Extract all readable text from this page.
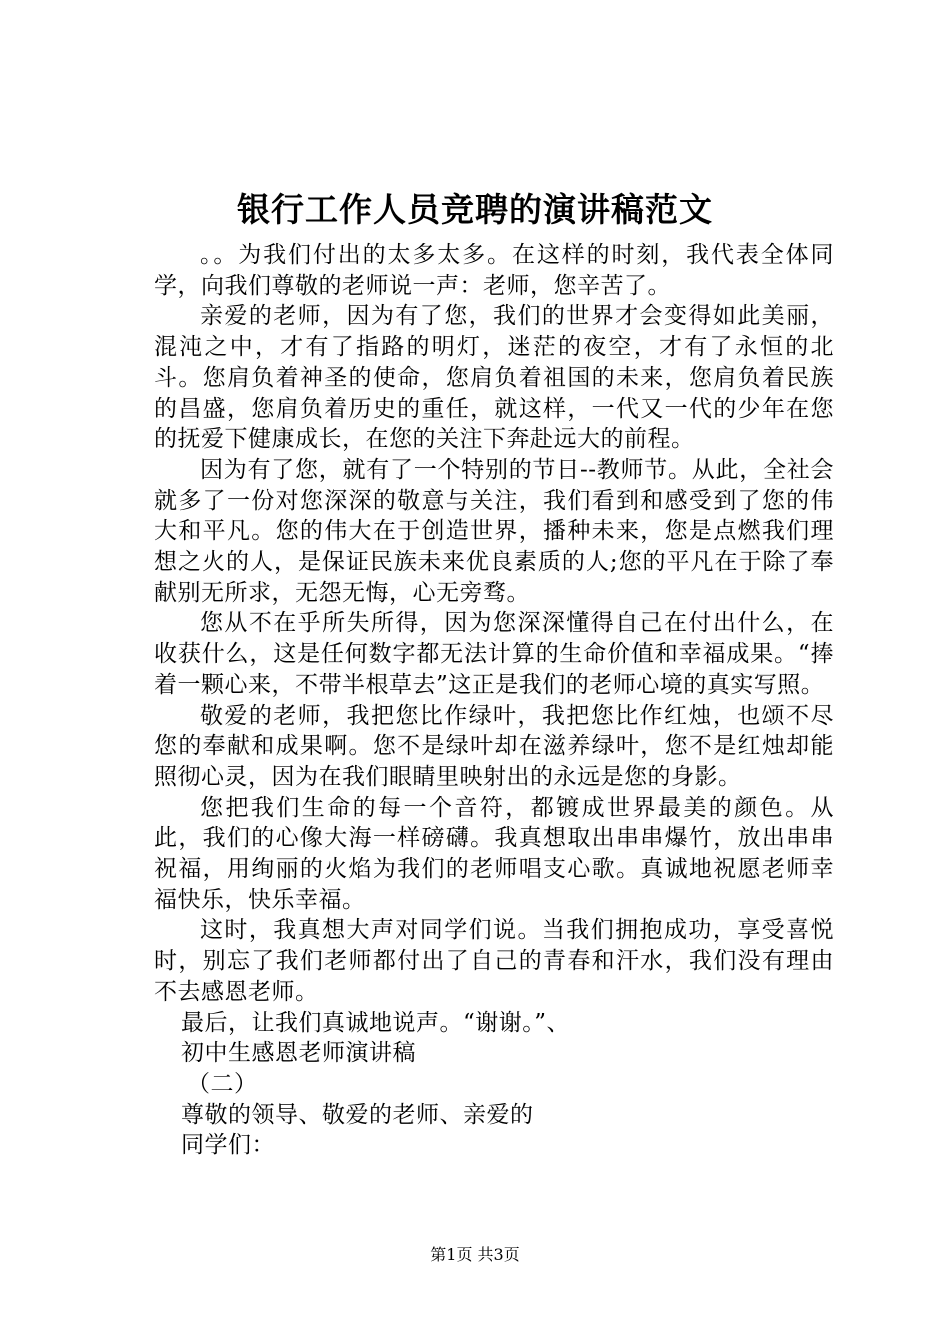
银行工作人员竞聘的演讲稿范文

。。为我们付出的太多太多。在这样的时刻，我代表全体同学，向我们尊敬的老师说一声：老师，您辛苦了。

亲爱的老师，因为有了您，我们的世界才会变得如此美丽，混沌之中，才有了指路的明灯，迷茫的夜空，才有了永恒的北斗。您肩负着神圣的使命，您肩负着祖国的未来，您肩负着民族的昌盛，您肩负着历史的重任，就这样，一代又一代的少年在您的抚爱下健康成长，在您的关注下奔赴远大的前程。

因为有了您，就有了一个特别的节日--教师节。从此，全社会就多了一份对您深深的敬意与关注，我们看到和感受到了您的伟大和平凡。您的伟大在于创造世界，播种未来，您是点燃我们理想之火的人，是保证民族未来优良素质的人;您的平凡在于除了奉献别无所求，无怨无悔，心无旁骛。

您从不在乎所失所得，因为您深深懂得自己在付出什么，在收获什么，这是任何数字都无法计算的生命价值和幸福成果。“捧着一颗心来，不带半根草去”这正是我们的老师心境的真实写照。

敬爱的老师，我把您比作绿叶，我把您比作红烛，也颂不尽您的奉献和成果啊。您不是绿叶却在滋养绿叶，您不是红烛却能照彻心灵，因为在我们眼睛里映射出的永远是您的身影。

您把我们生命的每一个音符，都镀成世界最美的颜色。从此，我们的心像大海一样磅礴。我真想取出串串爆竹，放出串串祝福，用绚丽的火焰为我们的老师唱支心歌。真诚地祝愿老师幸福快乐，快乐幸福。

这时，我真想大声对同学们说。当我们拥抱成功，享受喜悦时，别忘了我们老师都付出了自己的青春和汗水，我们没有理由不去感恩老师。

最后，让我们真诚地说声。“谢谢。”、

初中生感恩老师演讲稿

（二）

尊敬的领导、敬爱的老师、亲爱的

同学们：

第1页 共3页
